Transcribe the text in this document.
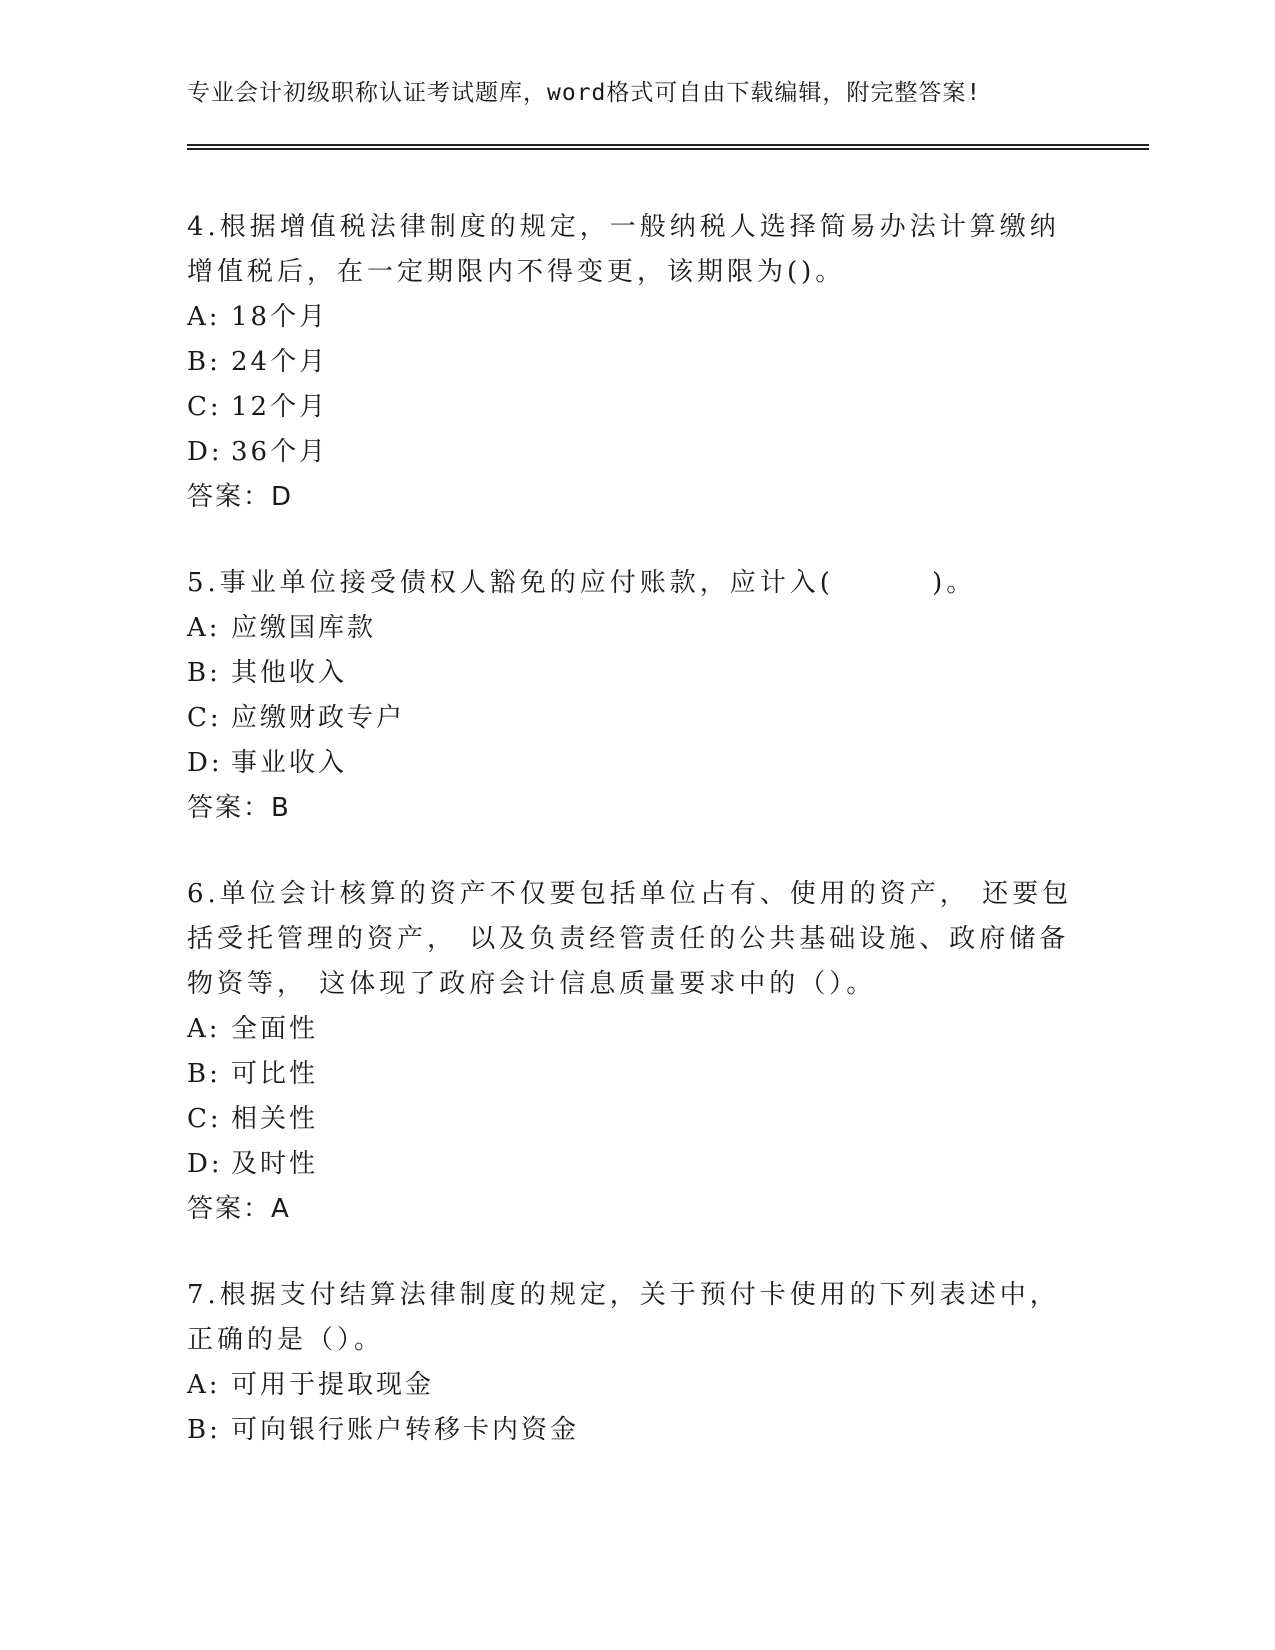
专业会计初级职称认证考试题库，word格式可自由下载编辑，附完整答案!
4.根据增值税法律制度的规定，一般纳税人选择简易办法计算缴纳增值税后，在一定期限内不得变更，该期限为()。
A: 18个月
B: 24个月
C: 12个月
D: 36个月
答案：D
5.事业单位接受债权人豁免的应付账款，应计入(        )。
A: 应缴国库款
B: 其他收入
C: 应缴财政专户
D: 事业收入
答案：B
6.单位会计核算的资产不仅要包括单位占有、使用的资产， 还要包括受托管理的资产， 以及负责经管责任的公共基础设施、政府储备物资等， 这体现了政府会计信息质量要求中的（）。
A: 全面性
B: 可比性
C: 相关性
D: 及时性
答案：A
7.根据支付结算法律制度的规定，关于预付卡使用的下列表述中，正确的是（）。
A: 可用于提取现金
B: 可向银行账户转移卡内资金
